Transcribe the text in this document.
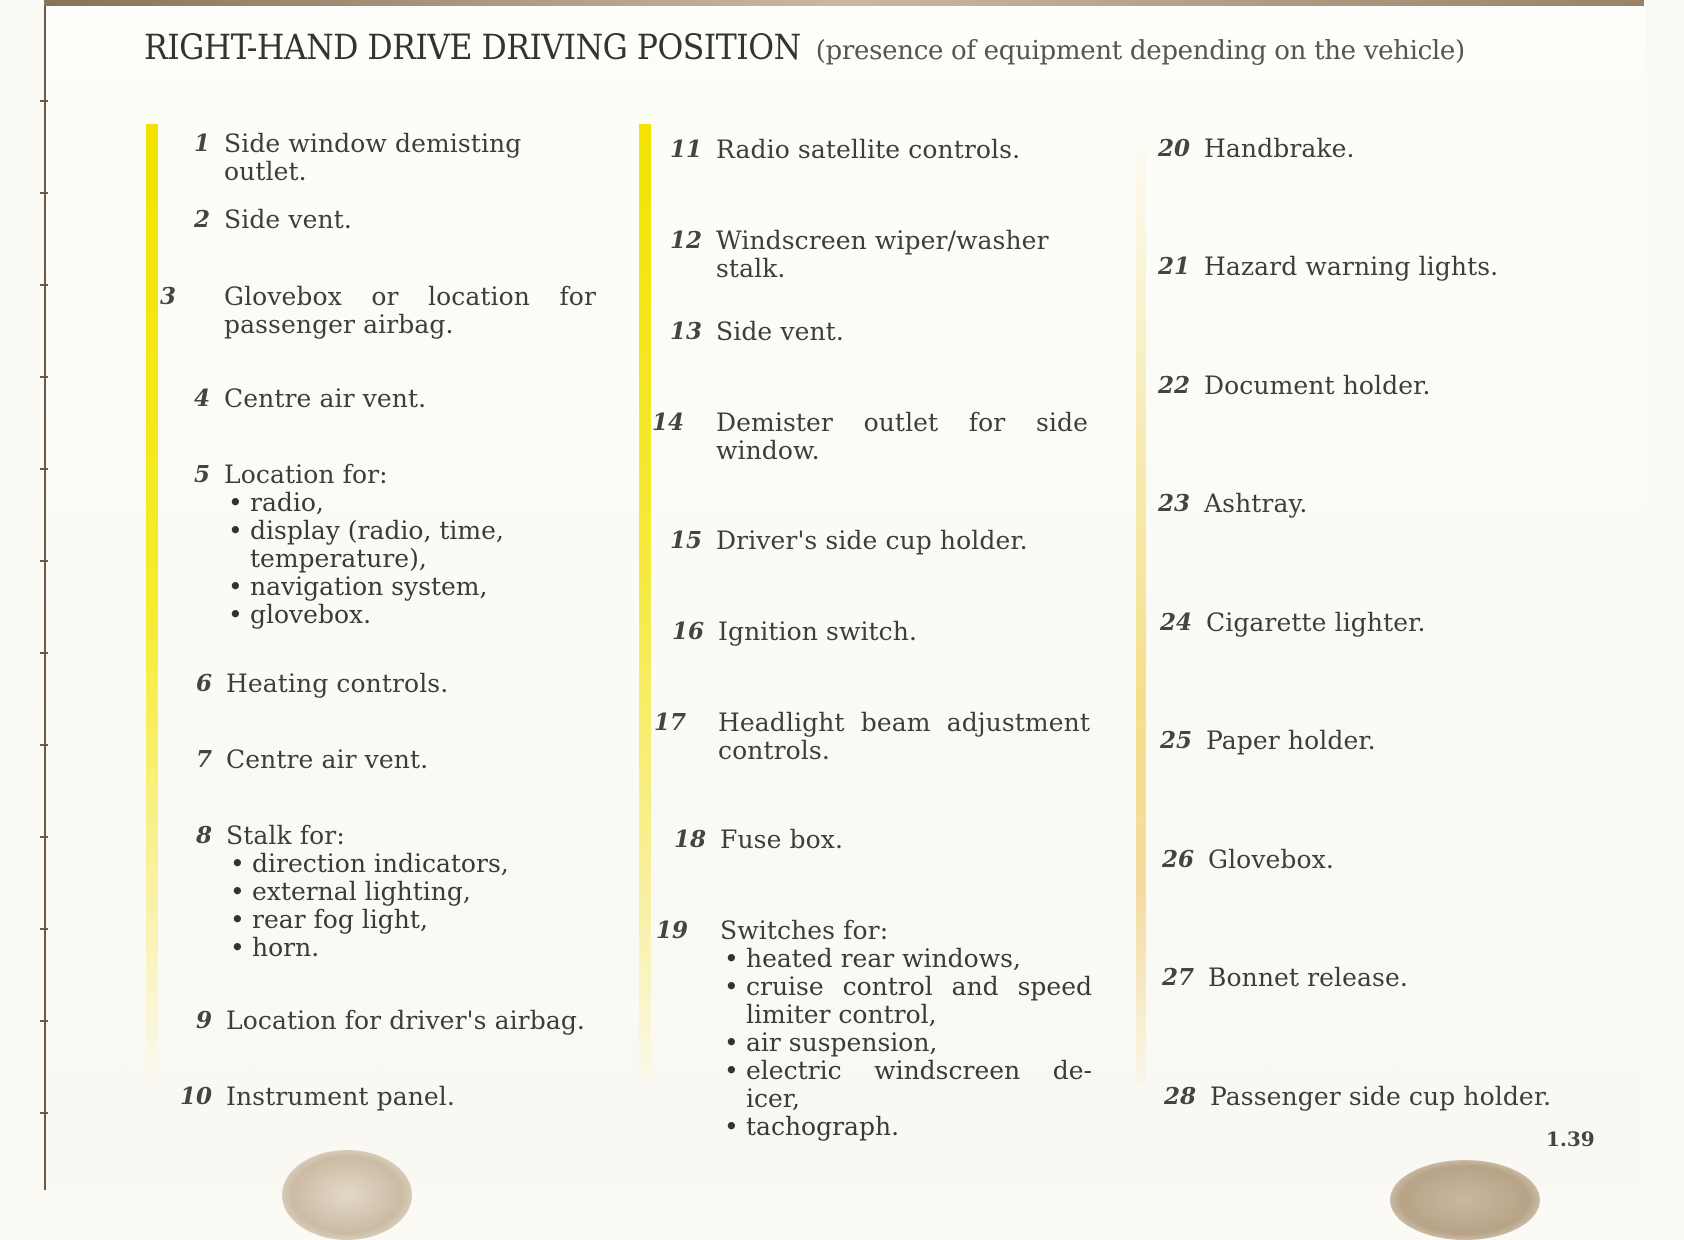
RIGHT-HAND DRIVE DRIVING POSITION (presence of equipment depending on the vehicle)
1 Side window demisting outlet.
2 Side vent.
3	Glovebox or location for passenger airbag.
4 Centre air vent.
5 Location for:
• radio,
• display (radio, time, temperature),
• navigation system,
• glovebox.
6 Heating controls.
7 Centre air vent.
8 Stalk for:
• direction indicators,
• external lighting,
• rear fog light,
• horn.
9 Location for driver's airbag.
10 Instrument panel.
11 Radio satellite controls.
12 Windscreen wiper/washer stalk.
13 Side vent.
14	Demister outlet for side window.
15 Driver's side cup holder.
16 Ignition switch.
17	Headlight beam adjustment controls.
18 Fuse box.
19	Switches for:
• heated rear windows,
• cruise control and speed limiter control,
• air suspension,
• electric windscreen de-icer,
• tachograph.
20 Handbrake.
21 Hazard warning lights.
22 Document holder.
23 Ashtray.
24 Cigarette lighter.
25 Paper holder.
26 Glovebox.
27 Bonnet release.
28 Passenger side cup holder.
1.39
